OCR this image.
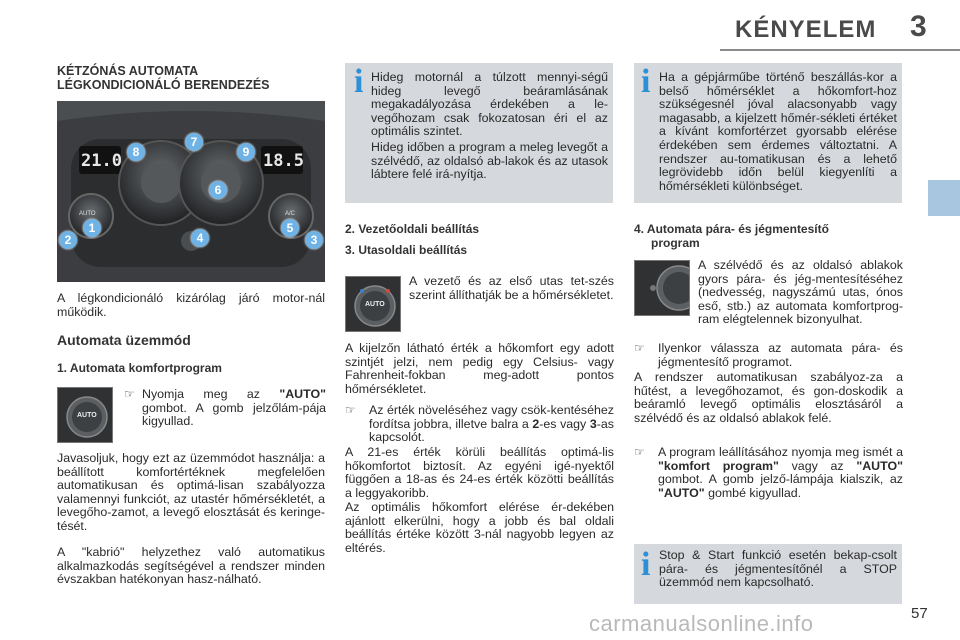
KÉNYELEM 3
KÉTZÓNÁS AUTOMATA
LÉGKONDICIONÁLÓ BERENDEZÉS
21.0	18.5
AUTO	A/C
1
2	3
4
5
6
7
8	9
A légkondicionáló kizárólag járó motor-nál működik.
Automata üzemmód
1. Automata komfortprogram
AUTO
☞ Nyomja meg az "AUTO" gombot. A gomb jelzőlám-pája kigyullad.
Javasoljuk, hogy ezt az üzemmódot használja: a beállított komfortértéknek megfelelően automatikusan és optimá-lisan szabályozza valamennyi funkciót, az utastér hőmérsékletét, a levegőho-zamot, a levegő elosztását és keringe-tését.
A "kabrió" helyzethez való automatikus alkalmazkodás segítségével a rendszer minden évszakban hatékonyan hasz-nálható.
i Hideg motornál a túlzott mennyi-ségű hideg levegő beáramlásának megakadályozása érdekében a le-vegőhozam csak fokozatosan éri el az optimális szintet.
Hideg időben a program a meleg levegőt a szélvédő, az oldalsó ab-lakok és az utasok lábtere felé irá-nyítja.
2. Vezetőoldali beállítás
3. Utasoldali beállítás
AUTO
A vezető és az első utas tet-szés szerint állíthatják be a hőmérsékletet.
A kijelzőn látható érték a hőkomfort egy adott szintjét jelzi, nem pedig egy Celsius- vagy Fahrenheit-fokban meg-adott pontos hőmérsékletet.
☞ Az érték növeléséhez vagy csök-kentéséhez fordítsa jobbra, illetve balra a 2-es vagy 3-as kapcsolót.
A 21-es érték körüli beállítás optimá-lis hőkomfortot biztosít. Az egyéni igé-nyektől függően a 18-as és 24-es érték közötti beállítás a leggyakoribb.
Az optimális hőkomfort elérése ér-dekében ajánlott elkerülni, hogy a jobb és bal oldali beállítás értéke között 3-nál nagyobb legyen az eltérés.
i Ha a gépjárműbe történő beszállás-kor a belső hőmérséklet a hőkomfort-hoz szükségesnél jóval alacsonyabb vagy magasabb, a kijelzett hőmér-sékleti értéket a kívánt komfortérzet gyorsabb elérése érdekében sem érdemes változtatni. A rendszer au-tomatikusan és a lehető legrövidebb időn belül kiegyenlíti a hőmérsékleti különbséget.
4. Automata pára- és jégmentesítő
program
A szélvédő és az oldalsó ablakok gyors pára- és jég-mentesítéséhez (nedvesség, nagyszámú utas, ónos eső, stb.) az automata komfortprog-ram elégtelennek bizonyulhat.
☞ Ilyenkor válassza az automata pára- és jégmentesítő programot.
A rendszer automatikusan szabályoz-za a hűtést, a levegőhozamot, és gon-doskodik a beáramló levegő optimális elosztásáról a szélvédő és az oldalsó ablakok felé.
☞ A program leállításához nyomja meg ismét a "komfort program" vagy az "AUTO" gombot. A gomb jelző-lámpája kialszik, az "AUTO" gombé kigyullad.
i Stop & Start funkció esetén bekap-csolt pára- és jégmentesítőnél a STOP üzemmód nem kapcsolható.
57
carmanualsonline.info
